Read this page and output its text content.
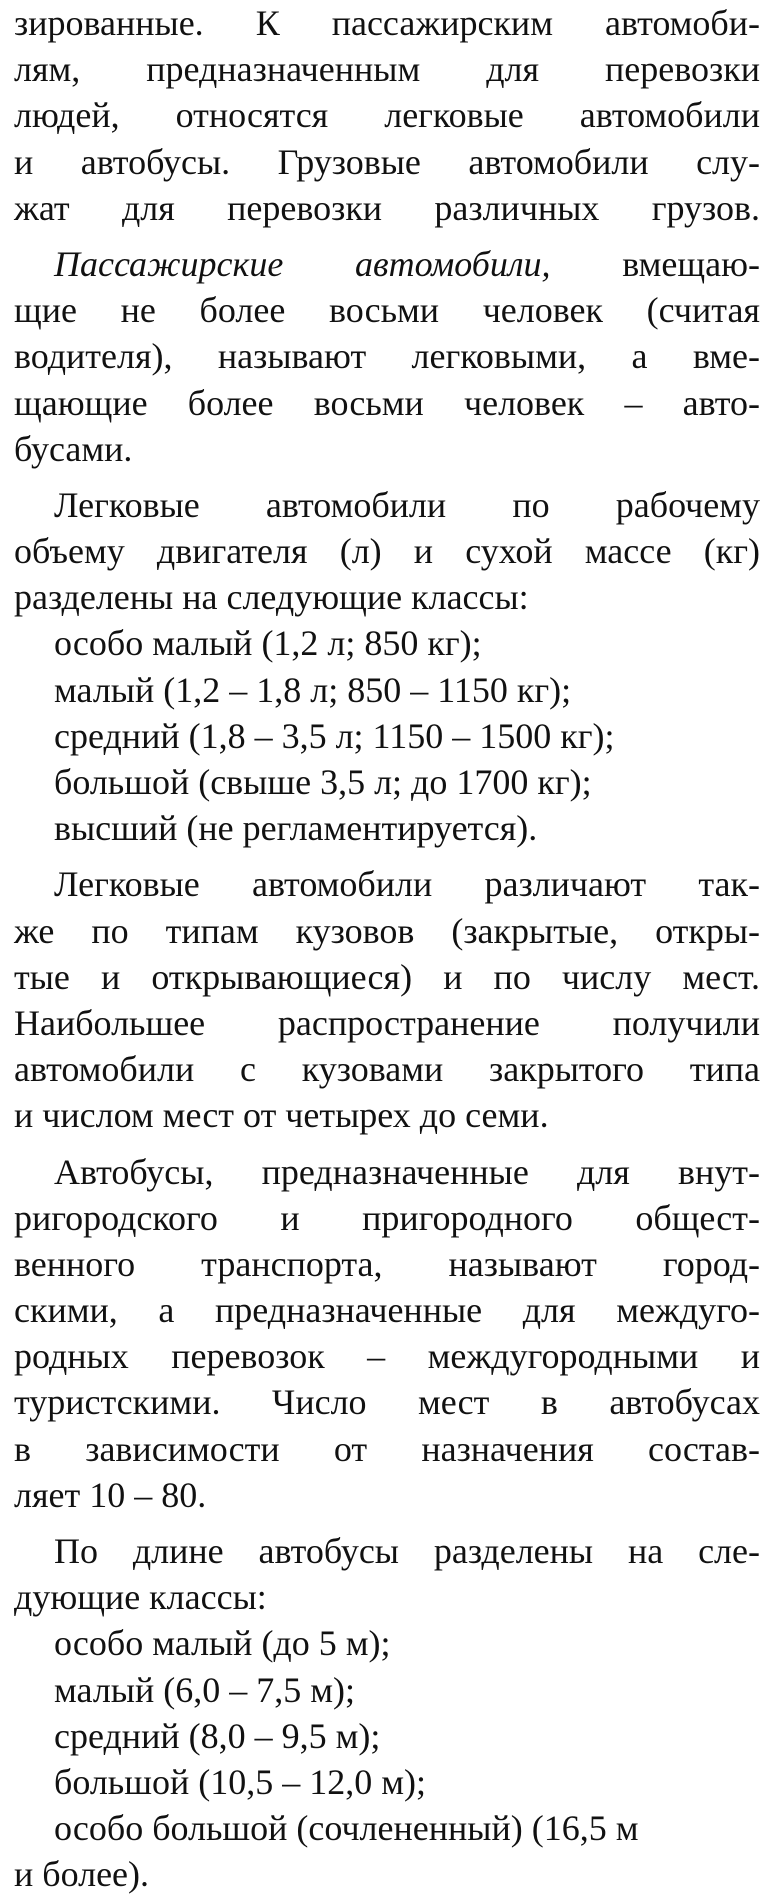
зированные. К пассажирским автомоби-
лям, предназначенным для перевозки
людей, относятся легковые автомобили
и автобусы. Грузовые автомобили слу-
жат для перевозки различных грузов.
Пассажирские автомобили, вмещаю-
щие не более восьми человек (считая
водителя), называют легковыми, а вме-
щающие более восьми человек – авто-
бусами.
Легковые автомобили по рабочему
объему двигателя (л) и сухой массе (кг)
разделены на следующие классы:
особо малый (1,2 л; 850 кг);
малый (1,2 – 1,8 л; 850 – 1150 кг);
средний (1,8 – 3,5 л; 1150 – 1500 кг);
большой (свыше 3,5 л; до 1700 кг);
высший (не регламентируется).
Легковые автомобили различают так-
же по типам кузовов (закрытые, откры-
тые и открывающиеся) и по числу мест.
Наибольшее распространение получили
автомобили с кузовами закрытого типа
и числом мест от четырех до семи.
Автобусы, предназначенные для внут-
ригородского и пригородного общест-
венного транспорта, называют город-
скими, а предназначенные для междуго-
родных перевозок – междугородными и
туристскими. Число мест в автобусах
в зависимости от назначения состав-
ляет 10 – 80.
По длине автобусы разделены на сле-
дующие классы:
особо малый (до 5 м);
малый (6,0 – 7,5 м);
средний (8,0 – 9,5 м);
большой (10,5 – 12,0 м);
особо большой (сочлененный) (16,5 м
и более).
